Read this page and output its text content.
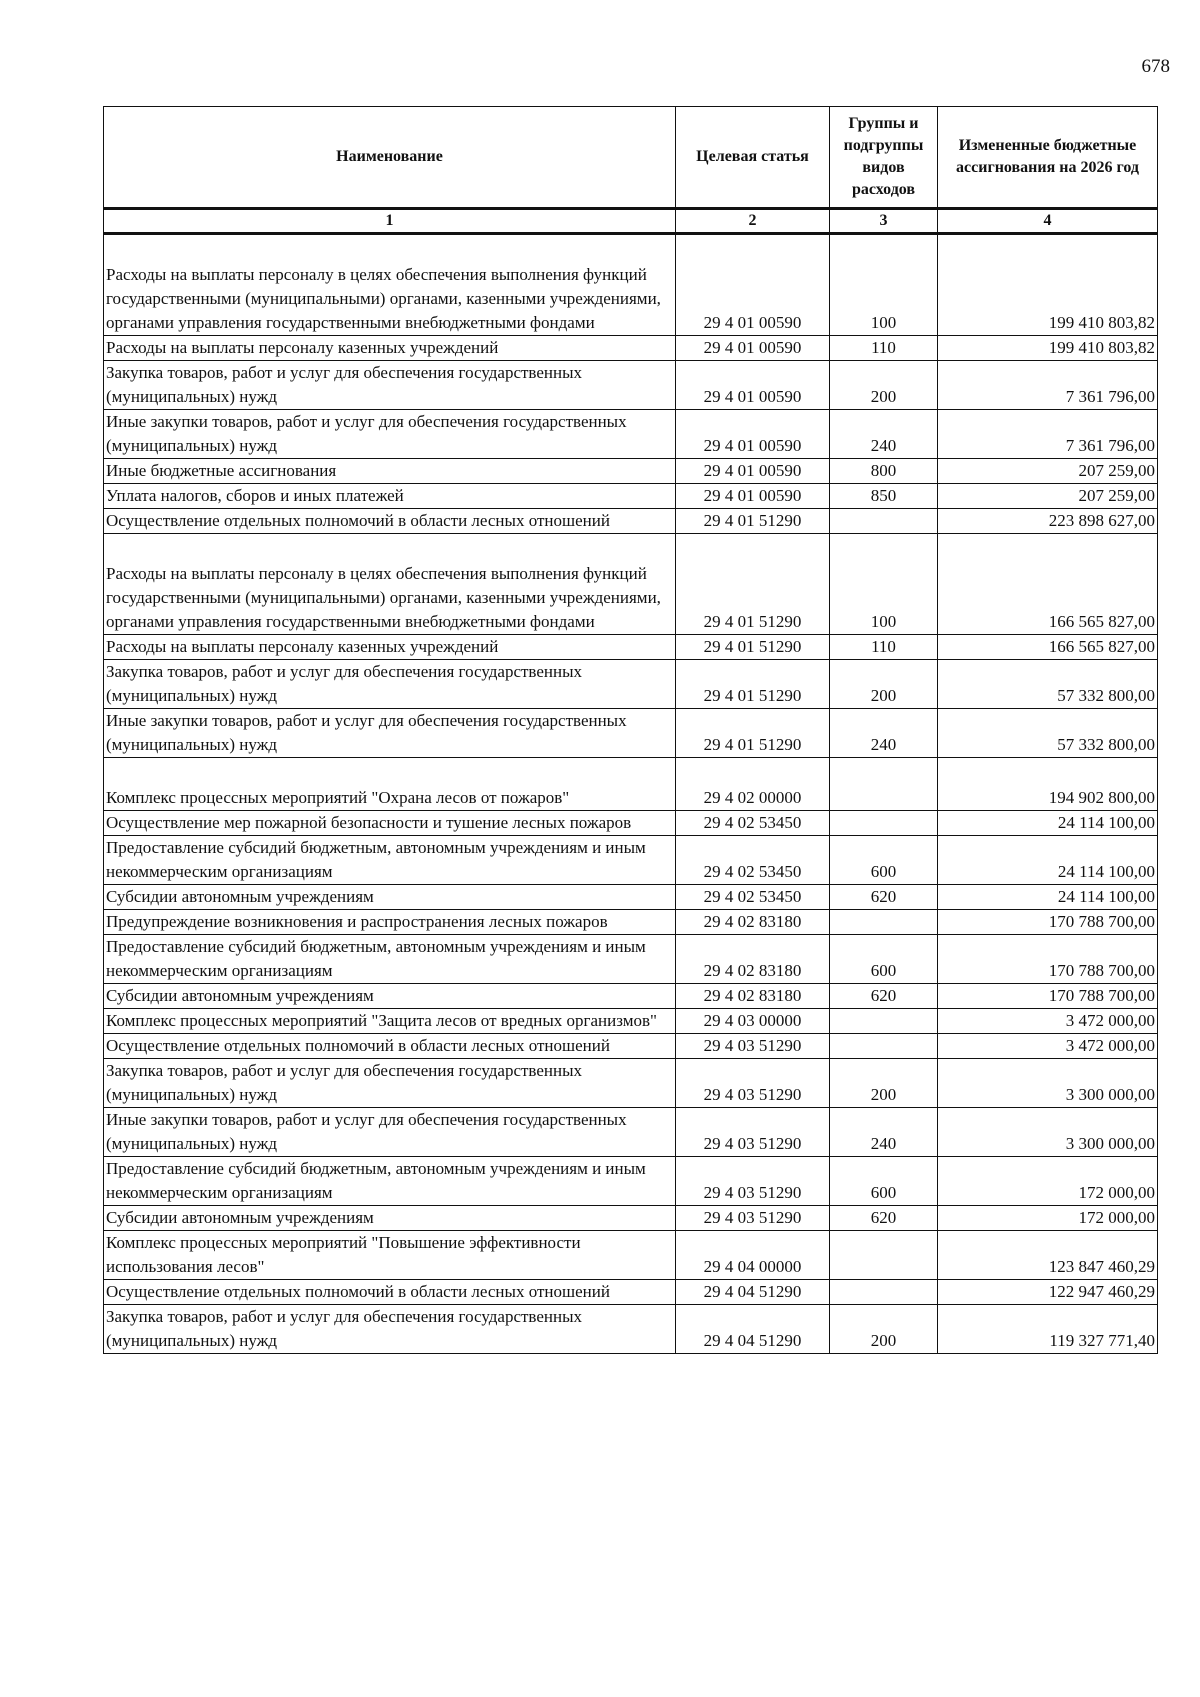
678
Наименование	Целевая статья	Группы и подгруппы видов расходов	Измененные бюджетные ассигнования на 2026 год
1	2	3	4
Расходы на выплаты персоналу в целях обеспечения выполнения функций государственными (муниципальными) органами, казенными учреждениями, органами управления государственными внебюджетными фондами	29 4 01 00590	100	199 410 803,82
Расходы на выплаты персоналу казенных учреждений	29 4 01 00590	110	199 410 803,82
Закупка товаров, работ и услуг для обеспечения государственных (муниципальных) нужд	29 4 01 00590	200	7 361 796,00
Иные закупки товаров, работ и услуг для обеспечения государственных (муниципальных) нужд	29 4 01 00590	240	7 361 796,00
Иные бюджетные ассигнования	29 4 01 00590	800	207 259,00
Уплата налогов, сборов и иных платежей	29 4 01 00590	850	207 259,00
Осуществление отдельных полномочий в области лесных отношений	29 4 01 51290		223 898 627,00
Расходы на выплаты персоналу в целях обеспечения выполнения функций государственными (муниципальными) органами, казенными учреждениями, органами управления государственными внебюджетными фондами	29 4 01 51290	100	166 565 827,00
Расходы на выплаты персоналу казенных учреждений	29 4 01 51290	110	166 565 827,00
Закупка товаров, работ и услуг для обеспечения государственных (муниципальных) нужд	29 4 01 51290	200	57 332 800,00
Иные закупки товаров, работ и услуг для обеспечения государственных (муниципальных) нужд	29 4 01 51290	240	57 332 800,00
Комплекс процессных мероприятий "Охрана лесов от пожаров"	29 4 02 00000		194 902 800,00
Осуществление мер пожарной безопасности и тушение лесных пожаров	29 4 02 53450		24 114 100,00
Предоставление субсидий бюджетным, автономным учреждениям и иным некоммерческим организациям	29 4 02 53450	600	24 114 100,00
Субсидии автономным учреждениям	29 4 02 53450	620	24 114 100,00
Предупреждение возникновения и распространения лесных пожаров	29 4 02 83180		170 788 700,00
Предоставление субсидий бюджетным, автономным учреждениям и иным некоммерческим организациям	29 4 02 83180	600	170 788 700,00
Субсидии автономным учреждениям	29 4 02 83180	620	170 788 700,00
Комплекс процессных мероприятий "Защита лесов от вредных организмов"	29 4 03 00000		3 472 000,00
Осуществление отдельных полномочий в области лесных отношений	29 4 03 51290		3 472 000,00
Закупка товаров, работ и услуг для обеспечения государственных (муниципальных) нужд	29 4 03 51290	200	3 300 000,00
Иные закупки товаров, работ и услуг для обеспечения государственных (муниципальных) нужд	29 4 03 51290	240	3 300 000,00
Предоставление субсидий бюджетным, автономным учреждениям и иным некоммерческим организациям	29 4 03 51290	600	172 000,00
Субсидии автономным учреждениям	29 4 03 51290	620	172 000,00
Комплекс процессных мероприятий "Повышение эффективности использования лесов"	29 4 04 00000		123 847 460,29
Осуществление отдельных полномочий в области лесных отношений	29 4 04 51290		122 947 460,29
Закупка товаров, работ и услуг для обеспечения государственных (муниципальных) нужд	29 4 04 51290	200	119 327 771,40
